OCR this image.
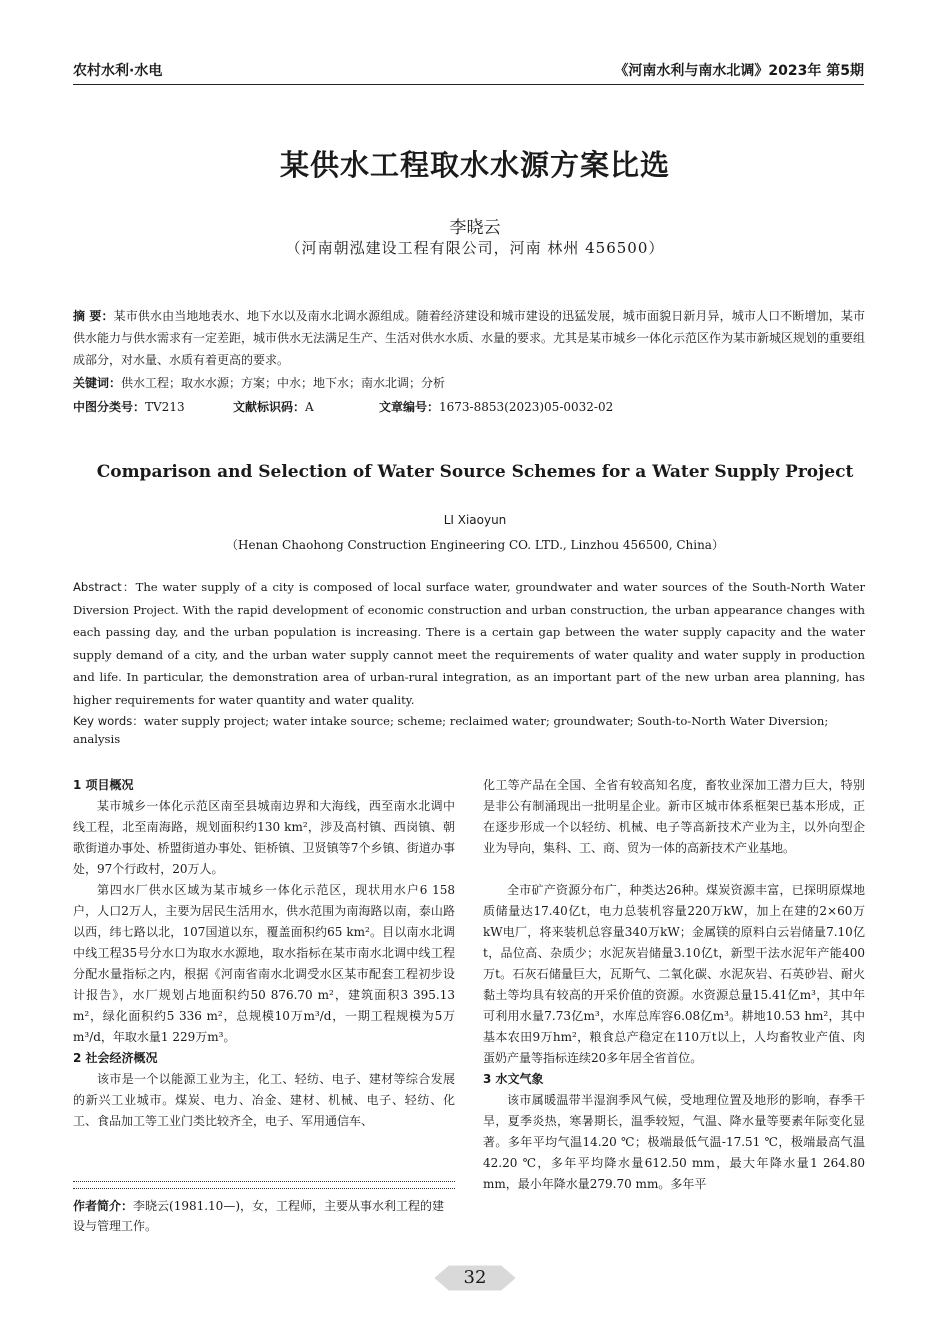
农村水利·水电	《河南水利与南水北调》2023年 第5期
某供水工程取水水源方案比选
李晓云
（河南朝泓建设工程有限公司，河南 林州 456500）
摘 要：某市供水由当地地表水、地下水以及南水北调水源组成。随着经济建设和城市建设的迅猛发展，城市面貌日新月异，城市人口不断增加，某市供水能力与供水需求有一定差距，城市供水无法满足生产、生活对供水水质、水量的要求。尤其是某市城乡一体化示范区作为某市新城区规划的重要组成部分，对水量、水质有着更高的要求。
关键词：供水工程；取水水源；方案；中水；地下水；南水北调；分析
中图分类号：TV213	文献标识码：A	文章编号：1673-8853(2023)05-0032-02
Comparison and Selection of Water Source Schemes for a Water Supply Project
LI Xiaoyun
（Henan Chaohong Construction Engineering CO. LTD., Linzhou 456500, China）
Abstract：The water supply of a city is composed of local surface water, groundwater and water sources of the South-North Water Diversion Project. With the rapid development of economic construction and urban construction, the urban appearance changes with each passing day, and the urban population is increasing. There is a certain gap between the water supply capacity and the water supply demand of a city, and the urban water supply cannot meet the requirements of water quality and water supply in production and life. In particular, the demonstration area of urban-rural integration, as an important part of the new urban area planning, has higher requirements for water quantity and water quality.
Key words：water supply project; water intake source; scheme; reclaimed water; groundwater; South-to-North Water Diversion; analysis
1 项目概况

某市城乡一体化示范区南至县城南边界和大海线，西至南水北调中线工程，北至南海路，规划面积约130 km²，涉及高村镇、西岗镇、朝歌街道办事处、桥盟街道办事处、钜桥镇、卫贤镇等7个乡镇、街道办事处，97个行政村，20万人。

第四水厂供水区域为某市城乡一体化示范区，现状用水户6 158户，人口2万人，主要为居民生活用水，供水范围为南海路以南，泰山路以西，纬七路以北，107国道以东，覆盖面积约65 km²。目以南水北调中线工程35号分水口为取水水源地，取水指标在某市南水北调中线工程分配水量指标之内，根据《河南省南水北调受水区某市配套工程初步设计报告》，水厂规划占地面积约50 876.70 m²，建筑面积3 395.13 m²，绿化面积约5 336 m²，总规模10万m³/d，一期工程规模为5万m³/d，年取水量1 229万m³。

2 社会经济概况

该市是一个以能源工业为主，化工、轻纺、电子、建材等综合发展的新兴工业城市。煤炭、电力、冶金、建材、机械、电子、轻纺、化工、食品加工等工业门类比较齐全，电子、军用通信车、

化工等产品在全国、全省有较高知名度，畜牧业深加工潜力巨大，特别是非公有制涌现出一批明星企业。新市区城市体系框架已基本形成，正在逐步形成一个以轻纺、机械、电子等高新技术产业为主，以外向型企业为导向，集科、工、商、贸为一体的高新技术产业基地。

全市矿产资源分布广，种类达26种。煤炭资源丰富，已探明原煤地质储量达17.40亿t，电力总装机容量220万kW，加上在建的2×60万kW电厂，将来装机总容量340万kW；金属镁的原料白云岩储量7.10亿t，品位高、杂质少；水泥灰岩储量3.10亿t，新型干法水泥年产能400万t。石灰石储量巨大，瓦斯气、二氧化碳、水泥灰岩、石英砂岩、耐火黏土等均具有较高的开采价值的资源。水资源总量15.41亿m³，其中年可利用水量7.73亿m³，水库总库容6.08亿m³。耕地10.53 hm²，其中基本农田9万hm²，粮食总产稳定在110万t以上，人均畜牧业产值、肉蛋奶产量等指标连续20多年居全省首位。

3 水文气象

该市属暖温带半湿润季风气候，受地理位置及地形的影响，春季干旱，夏季炎热，寒暑期长，温季较短，气温、降水量等要素年际变化显著。多年平均气温14.20 ℃；极端最低气温-17.51 ℃，极端最高气温42.20 ℃，多年平均降水量612.50 mm，最大年降水量1 264.80 mm，最小年降水量279.70 mm。多年平

作者简介：李晓云(1981.10—)，女，工程师，主要从事水利工程的建设与管理工作。
32
